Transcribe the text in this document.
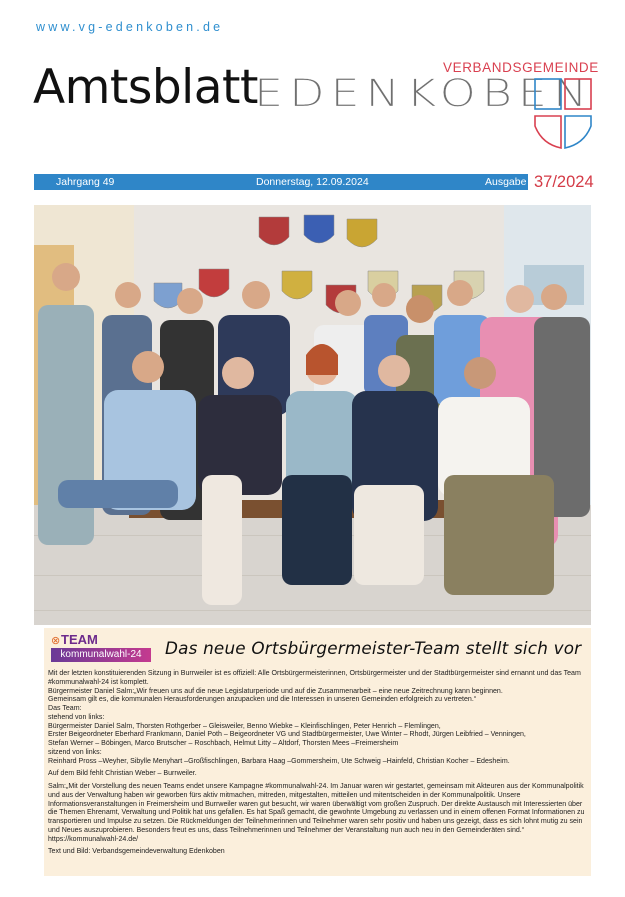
www.vg-edenkoben.de
Amtsblatt	VERBANDSGEMEINDE
EDENKOBEN
Jahrgang 49	Donnerstag, 12.09.2024	Ausgabe 37/2024
⊗ TEAM
kommunalwahl-24	Das neue Ortsbürgermeister-Team stellt sich vor

Mit der letzten konstituierenden Sitzung in Burrweiler ist es offiziell: Alle Ortsbürgermeisterinnen, Ortsbürgermeister und der Stadtbürgermeister sind ernannt und das Team #kommunalwahl-24 ist komplett.

Bürgermeister Daniel Salm:„Wir freuen uns auf die neue Legislaturperiode und auf die Zusammenarbeit – eine neue Zeitrechnung kann beginnen.

Gemeinsam gilt es, die kommunalen Herausforderungen anzupacken und die Interessen in unseren Gemeinden erfolgreich zu vertreten.“

Das Team:

stehend von links:

Bürgermeister Daniel Salm, Thorsten Rothgerber – Gleisweiler, Benno Wiebke – Kleinfischlingen, Peter Henrich – Flemlingen,

Erster Beigeordneter Eberhard Frankmann, Daniel Poth – Beigeordneter VG und Stadtbürgermeister, Uwe Winter – Rhodt, Jürgen Leibfried – Venningen,

Stefan Werner – Böbingen, Marco Brutscher – Roschbach, Helmut Litty – Altdorf, Thorsten Mees –Freimersheim

sitzend von links:

Reinhard Pross –Weyher, Sibylle Menyhart –Großfischlingen, Barbara Haag –Gommersheim, Ute Schweig –Hainfeld, Christian Kocher – Edesheim.

Auf dem Bild fehlt Christian Weber – Burrweiler.

Salm:„Mit der Vorstellung des neuen Teams endet unsere Kampagne #kommunalwahl-24. Im Januar waren wir gestartet, gemeinsam mit Akteuren aus der Kommunalpolitik und aus der Verwaltung haben wir geworben fürs aktiv mitmachen, mitreden, mitgestalten, mitteilen und mitentscheiden in der Kommunalpolitik. Unsere Informationsveranstaltungen in Freimersheim und Burrweiler waren gut besucht, wir waren überwältigt vom großen Zuspruch. Der direkte Austausch mit Interessierten über die Themen Ehrenamt, Verwaltung und Politik hat uns gefallen. Es hat Spaß gemacht, die gewohnte Umgebung zu verlassen und in einem offenen Format Informationen zu transportieren und Impulse zu setzen. Die Rückmeldungen der Teilnehmerinnen und Teilnehmer waren sehr positiv und haben uns gezeigt, dass es sich lohnt mutig zu sein und Neues auszuprobieren. Besonders freut es uns, dass Teilnehmerinnen und Teilnehmer der Veranstaltung nun auch neu in den Gemeinderäten sind.“

https://kommunalwahl-24.de/

Text und Bild: Verbandsgemeindeverwaltung Edenkoben
